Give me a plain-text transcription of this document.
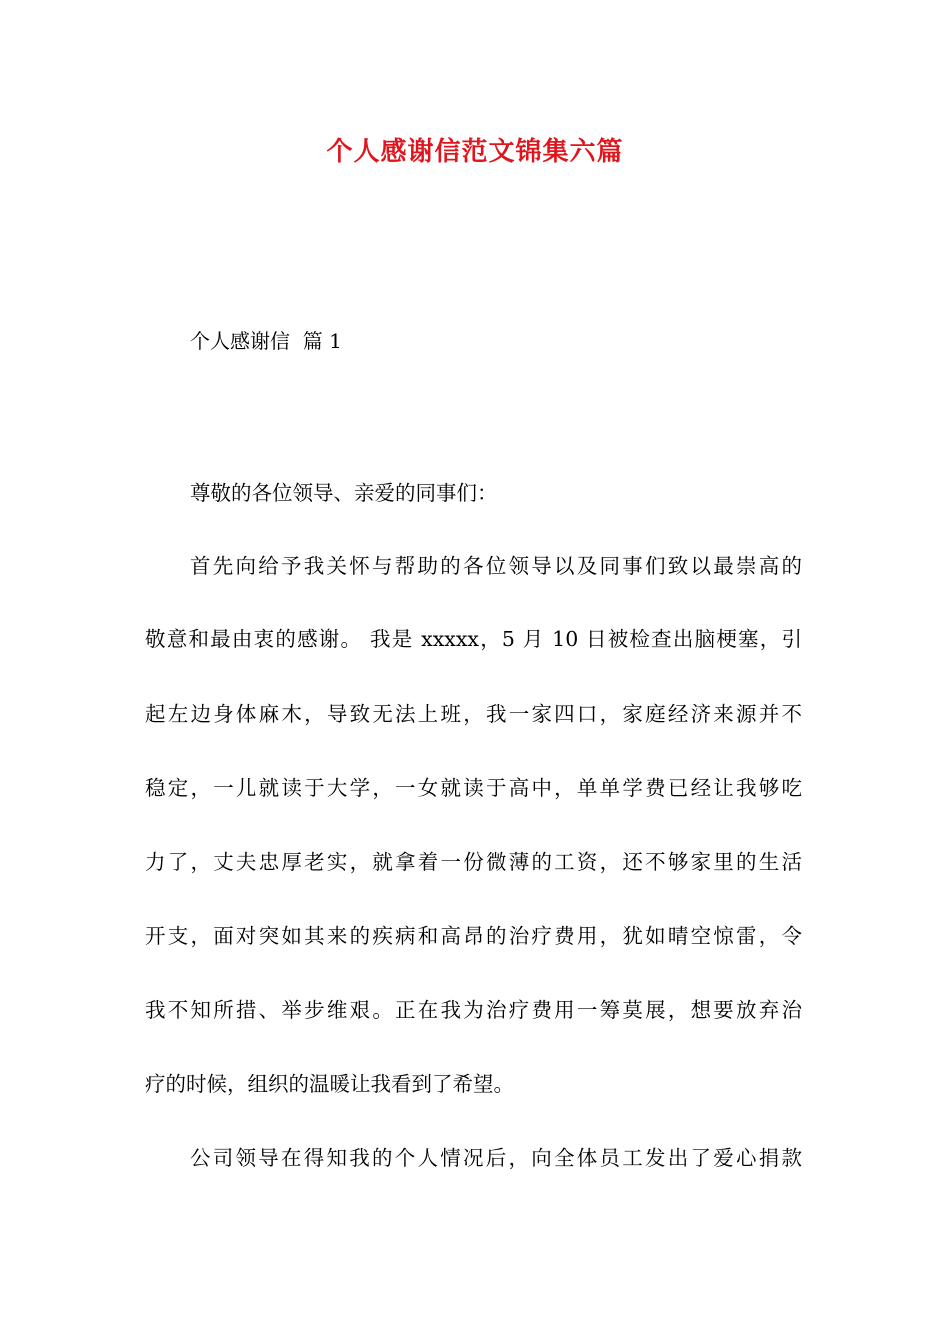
个人感谢信范文锦集六篇
个人感谢信  篇 1
尊敬的各位领导、亲爱的同事们：
首先向给予我关怀与帮助的各位领导以及同事们致以最崇高的
敬意和最由衷的感谢。 我是 xxxxx，5 月 10 日被检查出脑梗塞，引
起左边身体麻木，导致无法上班，我一家四口，家庭经济来源并不
稳定，一儿就读于大学，一女就读于高中，单单学费已经让我够吃
力了，丈夫忠厚老实，就拿着一份微薄的工资，还不够家里的生活
开支，面对突如其来的疾病和高昂的治疗费用，犹如晴空惊雷，令
我不知所措、举步维艰。正在我为治疗费用一筹莫展，想要放弃治
疗的时候，组织的温暖让我看到了希望。
公司领导在得知我的个人情况后，向全体员工发出了爱心捐款
